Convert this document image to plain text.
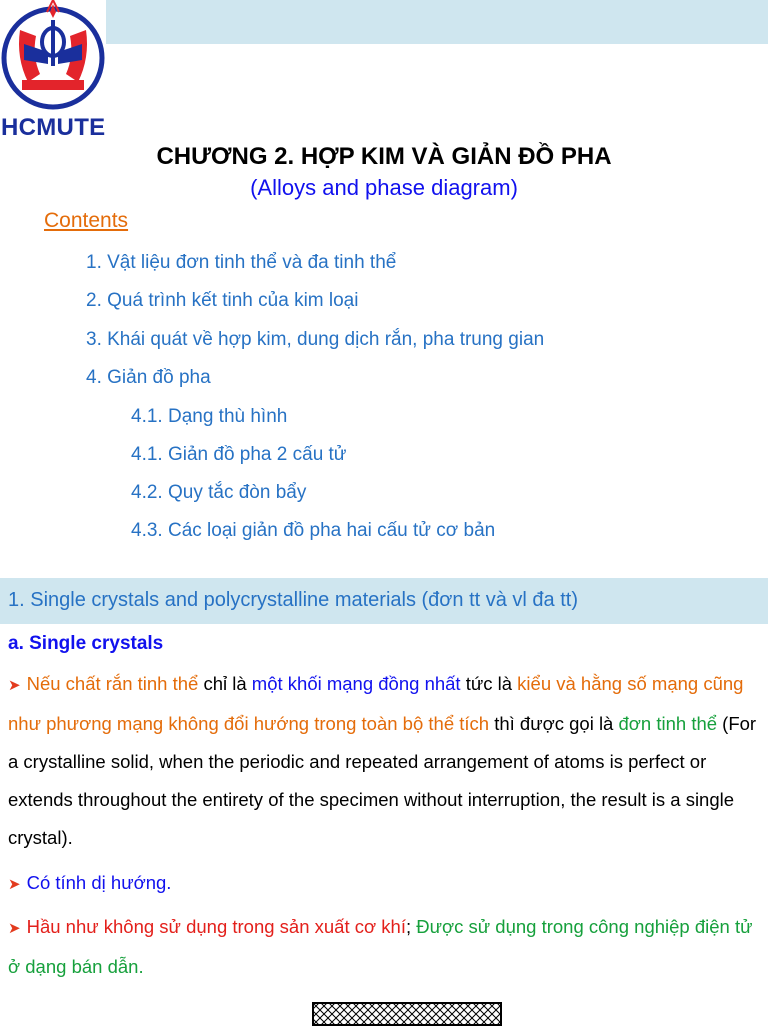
HCMUTE
CHƯƠNG 2. HỢP KIM VÀ GIẢN ĐỒ PHA
(Alloys and phase diagram)
Contents
1. Vật liệu đơn tinh thể và đa tinh thể
2. Quá trình kết tinh của kim loại
3. Khái quát về hợp kim, dung dịch rắn, pha trung gian
4. Giản đồ pha
4.1. Dạng thù hình
4.1. Giản đồ pha 2 cấu tử
4.2. Quy tắc đòn bẩy
4.3. Các loại giản đồ pha hai cấu tử cơ bản
1. Single crystals and polycrystalline materials (đơn tt và vl đa tt)
a. Single crystals
➤ Nếu chất rắn tinh thể chỉ là một khối mạng đồng nhất tức là kiểu và hằng số mạng cũng như phương mạng không đổi hướng trong toàn bộ thể tích thì được gọi là đơn tinh thể (For a crystalline solid, when the periodic and repeated arrangement of atoms is perfect or extends throughout the entirety of the specimen without interruption, the result is a single crystal).
➤ Có tính dị hướng.
➤ Hầu như không sử dụng trong sản xuất cơ khí; Được sử dụng trong công nghiệp điện tử ở dạng bán dẫn.
